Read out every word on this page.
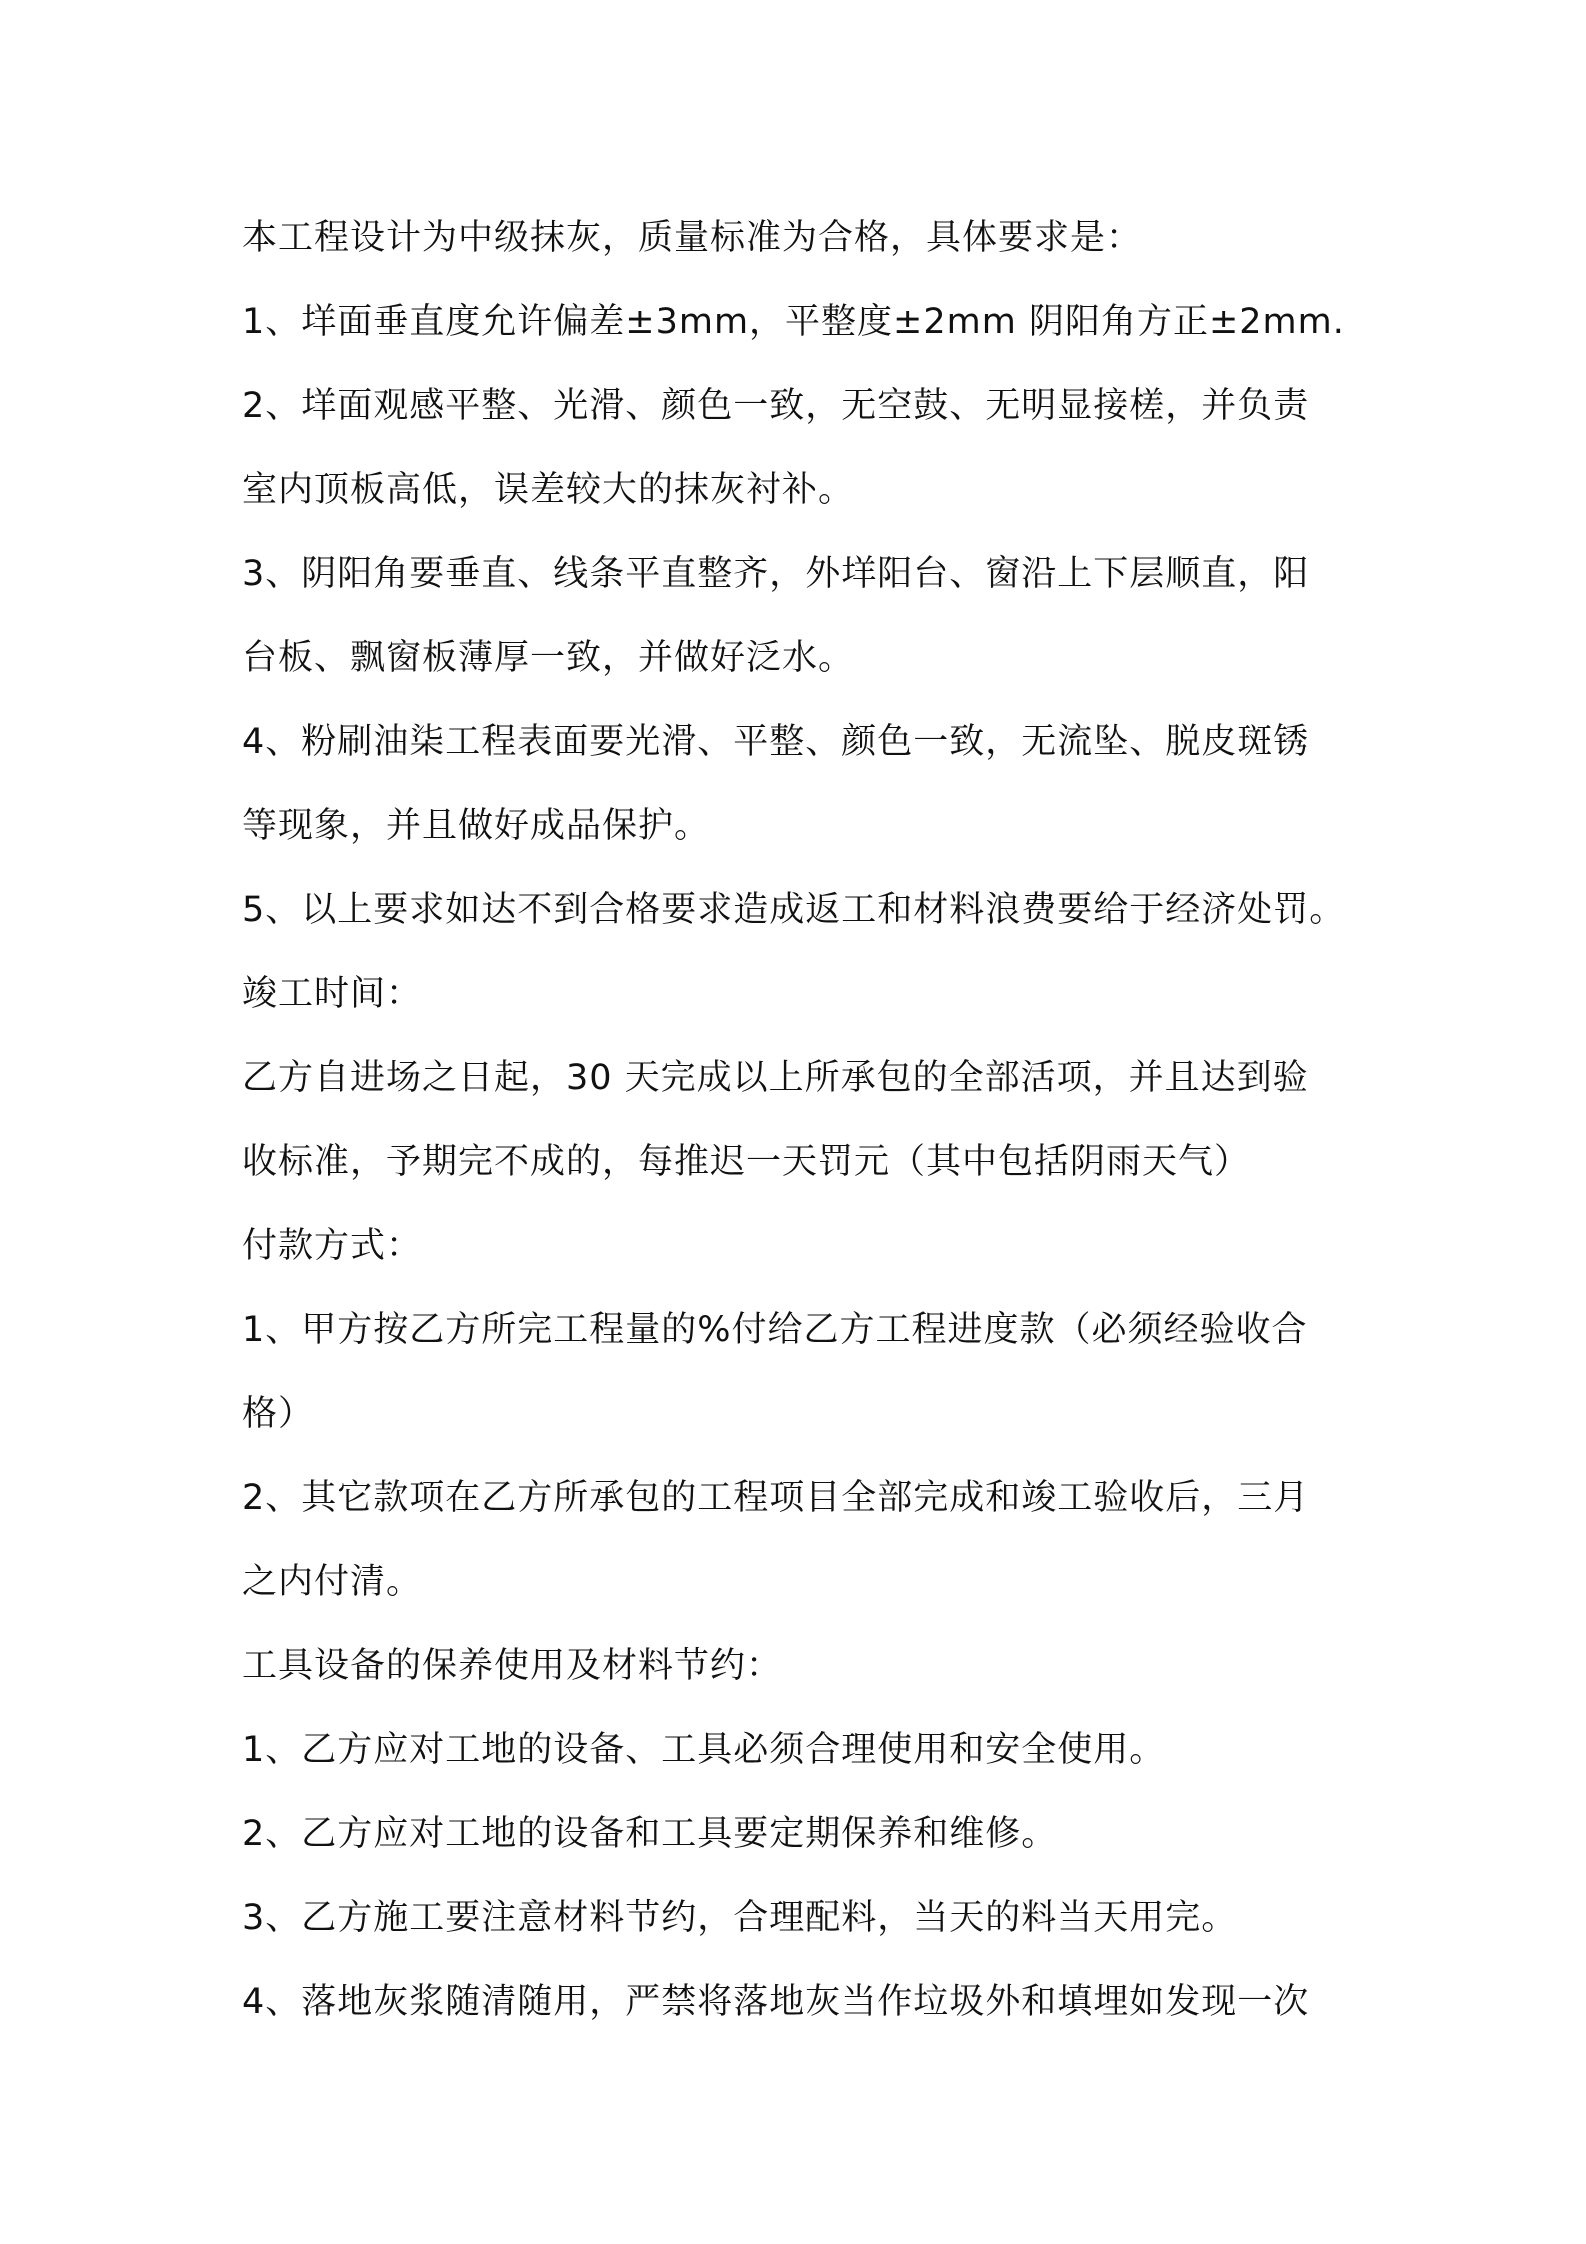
本工程设计为中级抹灰，质量标准为合格，具体要求是：
1、垟面垂直度允许偏差±3mm，平整度±2mm 阴阳角方正±2mm.
2、垟面观感平整、光滑、颜色一致，无空鼓、无明显接槎，并负责
室内顶板高低，误差较大的抹灰衬补。
3、阴阳角要垂直、线条平直整齐，外垟阳台、窗沿上下层顺直，阳
台板、飘窗板薄厚一致，并做好泛水。
4、粉刷油柒工程表面要光滑、平整、颜色一致，无流坠、脱皮斑锈
等现象，并且做好成品保护。
5、以上要求如达不到合格要求造成返工和材料浪费要给于经济处罚。
竣工时间：
乙方自进场之日起，30 天完成以上所承包的全部活项，并且达到验
收标准，予期完不成的，每推迟一天罚元（其中包括阴雨天气）
付款方式：
1、甲方按乙方所完工程量的%付给乙方工程进度款（必须经验收合
格）
2、其它款项在乙方所承包的工程项目全部完成和竣工验收后，三月
之内付清。
工具设备的保养使用及材料节约：
1、乙方应对工地的设备、工具必须合理使用和安全使用。
2、乙方应对工地的设备和工具要定期保养和维修。
3、乙方施工要注意材料节约，合理配料，当天的料当天用完。
4、落地灰浆随清随用，严禁将落地灰当作垃圾外和填埋如发现一次
